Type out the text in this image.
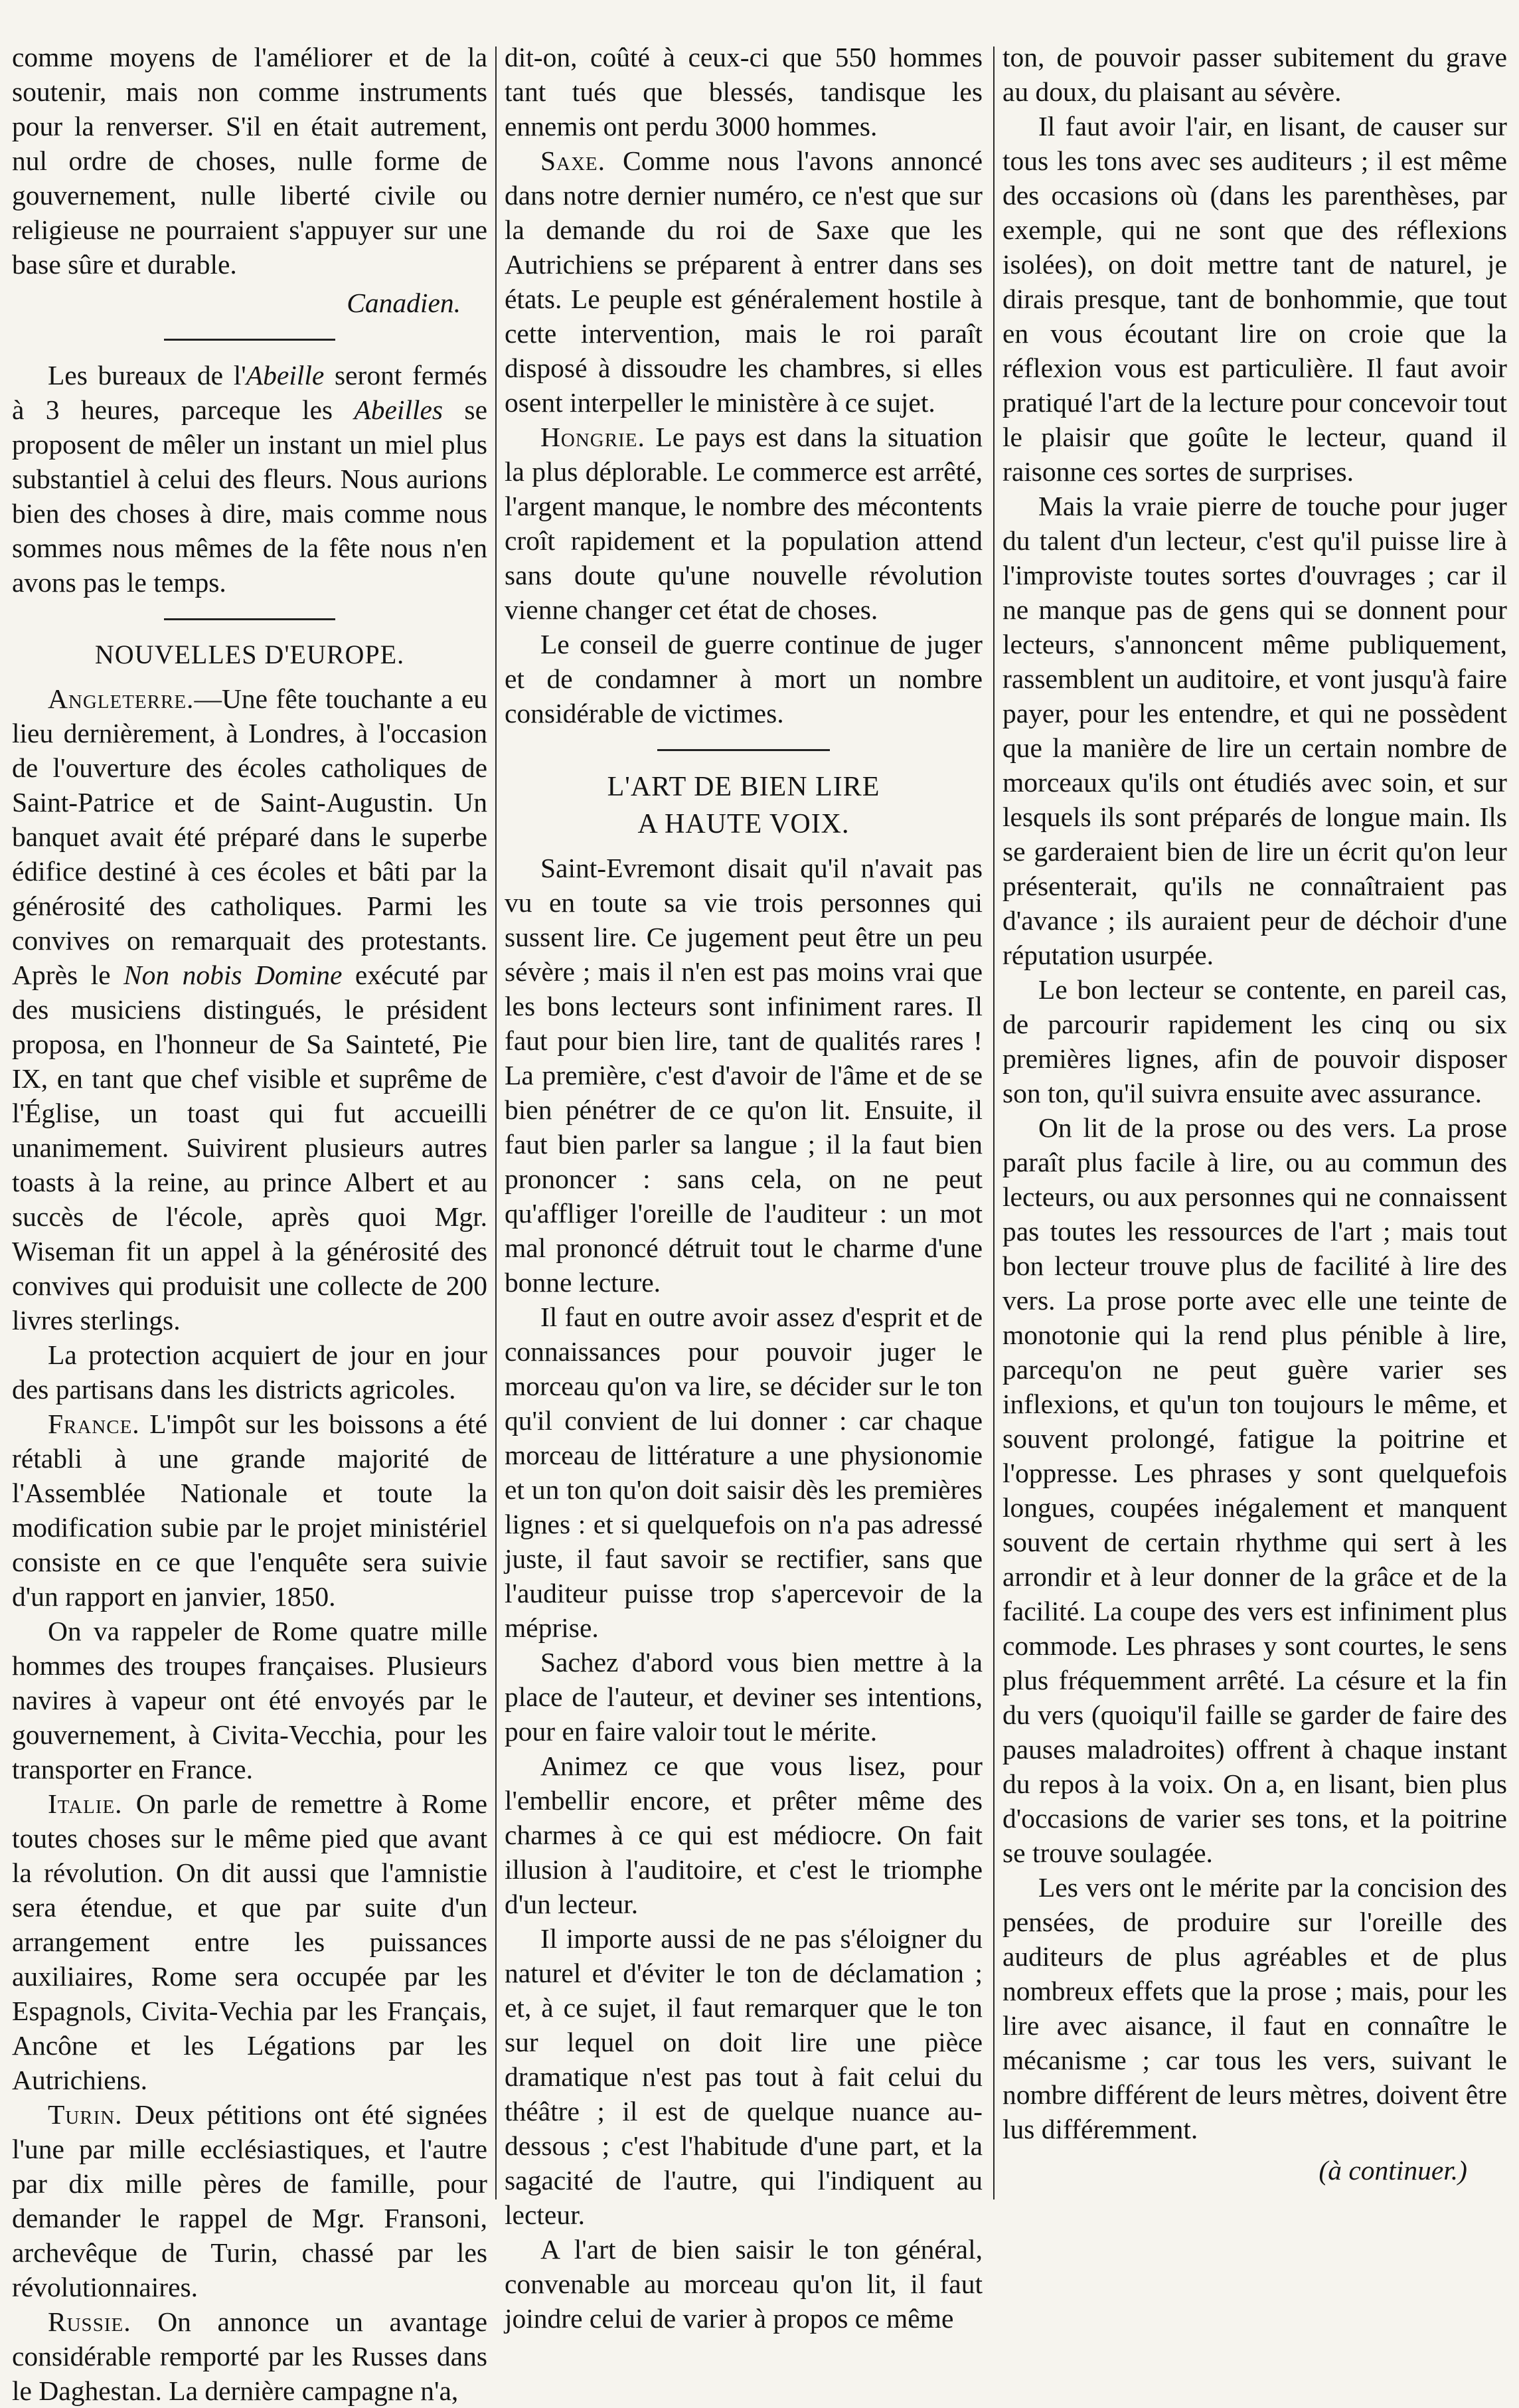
comme moyens de l'améliorer et de la soutenir, mais non comme instruments pour la renverser. S'il en était autrement, nul ordre de choses, nulle forme de gouvernement, nulle liberté civile ou religieuse ne pourraient s'appuyer sur une base sûre et durable.

Canadien.

Les bureaux de l'Abeille seront fermés à 3 heures, parceque les Abeilles se proposent de mêler un instant un miel plus substantiel à celui des fleurs. Nous aurions bien des choses à dire, mais comme nous sommes nous mêmes de la fête nous n'en avons pas le temps.

NOUVELLES D'EUROPE.

Angleterre.—Une fête touchante a eu lieu dernièrement, à Londres, à l'occasion de l'ouverture des écoles catholiques de Saint-Patrice et de Saint-Augustin. Un banquet avait été préparé dans le superbe édifice destiné à ces écoles et bâti par la générosité des catholiques. Parmi les convives on remarquait des protestants. Après le Non nobis Domine exécuté par des musiciens distingués, le président proposa, en l'honneur de Sa Sainteté, Pie IX, en tant que chef visible et suprême de l'Église, un toast qui fut accueilli unanimement. Suivirent plusieurs autres toasts à la reine, au prince Albert et au succès de l'école, après quoi Mgr. Wiseman fit un appel à la générosité des convives qui produisit une collecte de 200 livres sterlings.

La protection acquiert de jour en jour des partisans dans les districts agricoles.

France. L'impôt sur les boissons a été rétabli à une grande majorité de l'Assemblée Nationale et toute la modification subie par le projet ministériel consiste en ce que l'enquête sera suivie d'un rapport en janvier, 1850.

On va rappeler de Rome quatre mille hommes des troupes françaises. Plusieurs navires à vapeur ont été envoyés par le gouvernement, à Civita-Vecchia, pour les transporter en France.

Italie. On parle de remettre à Rome toutes choses sur le même pied que avant la révolution. On dit aussi que l'amnistie sera étendue, et que par suite d'un arrangement entre les puissances auxiliaires, Rome sera occupée par les Espagnols, Civita-Vechia par les Français, Ancône et les Légations par les Autrichiens.

Turin. Deux pétitions ont été signées l'une par mille ecclésiastiques, et l'autre par dix mille pères de famille, pour demander le rappel de Mgr. Fransoni, archevêque de Turin, chassé par les révolutionnaires.

Russie. On annonce un avantage considérable remporté par les Russes dans le Daghestan. La dernière campagne n'a,

dit-on, coûté à ceux-ci que 550 hommes tant tués que blessés, tandisque les ennemis ont perdu 3000 hommes.

Saxe. Comme nous l'avons annoncé dans notre dernier numéro, ce n'est que sur la demande du roi de Saxe que les Autrichiens se préparent à entrer dans ses états. Le peuple est généralement hostile à cette intervention, mais le roi paraît disposé à dissoudre les chambres, si elles osent interpeller le ministère à ce sujet.

Hongrie. Le pays est dans la situation la plus déplorable. Le commerce est arrêté, l'argent manque, le nombre des mécontents croît rapidement et la population attend sans doute qu'une nouvelle révolution vienne changer cet état de choses.

Le conseil de guerre continue de juger et de condamner à mort un nombre considérable de victimes.

L'ART DE BIEN LIRE
A HAUTE VOIX.

Saint-Evremont disait qu'il n'avait pas vu en toute sa vie trois personnes qui sussent lire. Ce jugement peut être un peu sévère ; mais il n'en est pas moins vrai que les bons lecteurs sont infiniment rares. Il faut pour bien lire, tant de qualités rares ! La première, c'est d'avoir de l'âme et de se bien pénétrer de ce qu'on lit. Ensuite, il faut bien parler sa langue ; il la faut bien prononcer : sans cela, on ne peut qu'affliger l'oreille de l'auditeur : un mot mal prononcé détruit tout le charme d'une bonne lecture.

Il faut en outre avoir assez d'esprit et de connaissances pour pouvoir juger le morceau qu'on va lire, se décider sur le ton qu'il convient de lui donner : car chaque morceau de littérature a une physionomie et un ton qu'on doit saisir dès les premières lignes : et si quelquefois on n'a pas adressé juste, il faut savoir se rectifier, sans que l'auditeur puisse trop s'apercevoir de la méprise.

Sachez d'abord vous bien mettre à la place de l'auteur, et deviner ses intentions, pour en faire valoir tout le mérite.

Animez ce que vous lisez, pour l'embellir encore, et prêter même des charmes à ce qui est médiocre. On fait illusion à l'auditoire, et c'est le triomphe d'un lecteur.

Il importe aussi de ne pas s'éloigner du naturel et d'éviter le ton de déclamation ; et, à ce sujet, il faut remarquer que le ton sur lequel on doit lire une pièce dramatique n'est pas tout à fait celui du théâtre ; il est de quelque nuance au-dessous ; c'est l'habitude d'une part, et la sagacité de l'autre, qui l'indiquent au lecteur.

A l'art de bien saisir le ton général, convenable au morceau qu'on lit, il faut joindre celui de varier à propos ce même

ton, de pouvoir passer subitement du grave au doux, du plaisant au sévère.

Il faut avoir l'air, en lisant, de causer sur tous les tons avec ses auditeurs ; il est même des occasions où (dans les parenthèses, par exemple, qui ne sont que des réflexions isolées), on doit mettre tant de naturel, je dirais presque, tant de bonhommie, que tout en vous écoutant lire on croie que la réflexion vous est particulière. Il faut avoir pratiqué l'art de la lecture pour concevoir tout le plaisir que goûte le lecteur, quand il raisonne ces sortes de surprises.

Mais la vraie pierre de touche pour juger du talent d'un lecteur, c'est qu'il puisse lire à l'improviste toutes sortes d'ouvrages ; car il ne manque pas de gens qui se donnent pour lecteurs, s'annoncent même publiquement, rassemblent un auditoire, et vont jusqu'à faire payer, pour les entendre, et qui ne possèdent que la manière de lire un certain nombre de morceaux qu'ils ont étudiés avec soin, et sur lesquels ils sont préparés de longue main. Ils se garderaient bien de lire un écrit qu'on leur présenterait, qu'ils ne connaîtraient pas d'avance ; ils auraient peur de déchoir d'une réputation usurpée.

Le bon lecteur se contente, en pareil cas, de parcourir rapidement les cinq ou six premières lignes, afin de pouvoir disposer son ton, qu'il suivra ensuite avec assurance.

On lit de la prose ou des vers. La prose paraît plus facile à lire, ou au commun des lecteurs, ou aux personnes qui ne connaissent pas toutes les ressources de l'art ; mais tout bon lecteur trouve plus de facilité à lire des vers. La prose porte avec elle une teinte de monotonie qui la rend plus pénible à lire, parcequ'on ne peut guère varier ses inflexions, et qu'un ton toujours le même, et souvent prolongé, fatigue la poitrine et l'oppresse. Les phrases y sont quelquefois longues, coupées inégalement et manquent souvent de certain rhythme qui sert à les arrondir et à leur donner de la grâce et de la facilité. La coupe des vers est infiniment plus commode. Les phrases y sont courtes, le sens plus fréquemment arrêté. La césure et la fin du vers (quoiqu'il faille se garder de faire des pauses maladroites) offrent à chaque instant du repos à la voix. On a, en lisant, bien plus d'occasions de varier ses tons, et la poitrine se trouve soulagée.

Les vers ont le mérite par la concision des pensées, de produire sur l'oreille des auditeurs de plus agréables et de plus nombreux effets que la prose ; mais, pour les lire avec aisance, il faut en connaître le mécanisme ; car tous les vers, suivant le nombre différent de leurs mètres, doivent être lus différemment.

(à continuer.)
